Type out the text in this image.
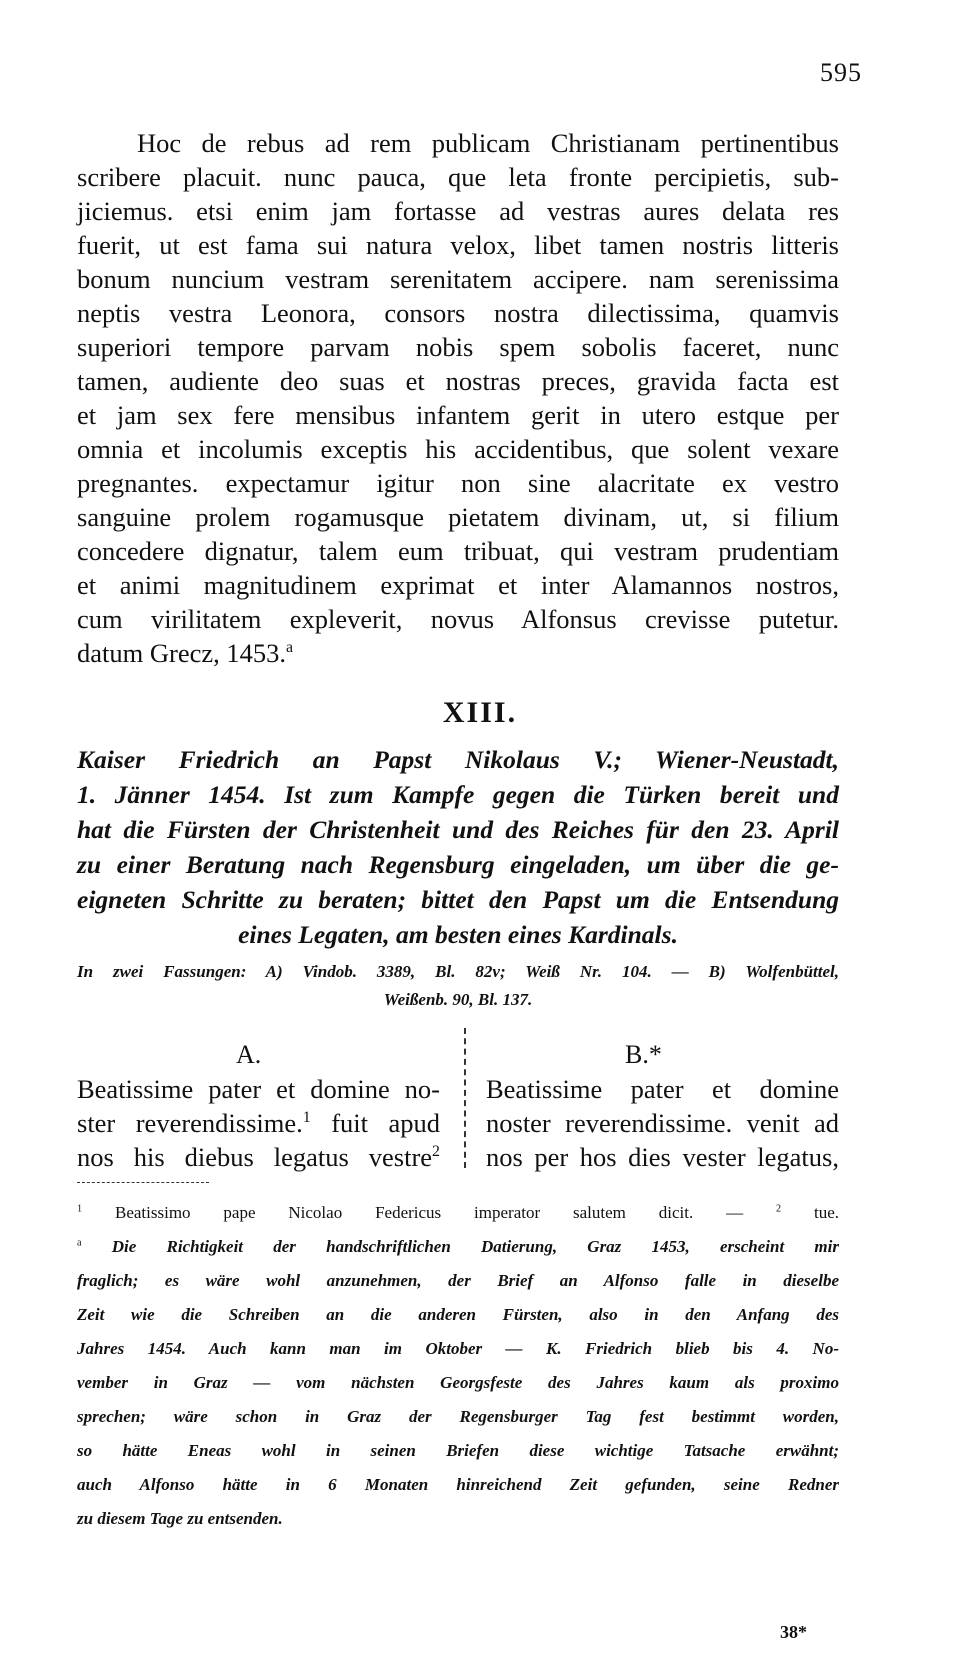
595
Hoc de rebus ad rem publicam Christianam pertinentibus
scribere placuit. nunc pauca, que leta fronte percipietis, sub-
jiciemus. etsi enim jam fortasse ad vestras aures delata res
fuerit, ut est fama sui natura velox, libet tamen nostris litteris
bonum nuncium vestram serenitatem accipere. nam serenissima
neptis vestra Leonora, consors nostra dilectissima, quamvis
superiori tempore parvam nobis spem sobolis faceret, nunc
tamen, audiente deo suas et nostras preces, gravida facta est
et jam sex fere mensibus infantem gerit in utero estque per
omnia et incolumis exceptis his accidentibus, que solent vexare
pregnantes. expectamur igitur non sine alacritate ex vestro
sanguine prolem rogamusque pietatem divinam, ut, si filium
concedere dignatur, talem eum tribuat, qui vestram prudentiam
et animi magnitudinem exprimat et inter Alamannos nostros,
cum virilitatem expleverit, novus Alfonsus crevisse putetur.
datum Grecz, 1453.$^a$
XIII.
Kaiser Friedrich an Papst Nikolaus V.; Wiener-Neustadt,
1. Jänner 1454. Ist zum Kampfe gegen die Türken bereit und
hat die Fürsten der Christenheit und des Reiches für den 23. April
zu einer Beratung nach Regensburg eingeladen, um über die ge-
eigneten Schritte zu beraten; bittet den Papst um die Entsendung
eines Legaten, am besten eines Kardinals.
In zwei Fassungen: A) Vindob. 3389, Bl. 82v; Weiß Nr. 104. — B) Wolfenbüttel,
Weißenb. 90, Bl. 137.
A.	B.*
Beatissime pater et domine no-
ster reverendissime.$^1$ fuit apud
nos his diebus legatus vestre$^2$
Beatissime pater et domine
noster reverendissime. venit ad
nos per hos dies vester legatus,
$^1$ Beatissimo pape Nicolao Federicus imperator salutem dicit. —	$^2$ tue.
$^a$ Die Richtigkeit der handschriftlichen Datierung, Graz 1453, erscheint mir
fraglich; es wäre wohl anzunehmen, der Brief an Alfonso falle in dieselbe
Zeit wie die Schreiben an die anderen Fürsten, also in den Anfang des
Jahres 1454. Auch kann man im Oktober — K. Friedrich blieb bis 4. No-
vember in Graz — vom nächsten Georgsfeste des Jahres kaum als proximo
sprechen; wäre schon in Graz der Regensburger Tag fest bestimmt worden,
so hätte Eneas wohl in seinen Briefen diese wichtige Tatsache erwähnt;
auch Alfonso hätte in 6 Monaten hinreichend Zeit gefunden, seine Redner
zu diesem Tage zu entsenden.
38*
